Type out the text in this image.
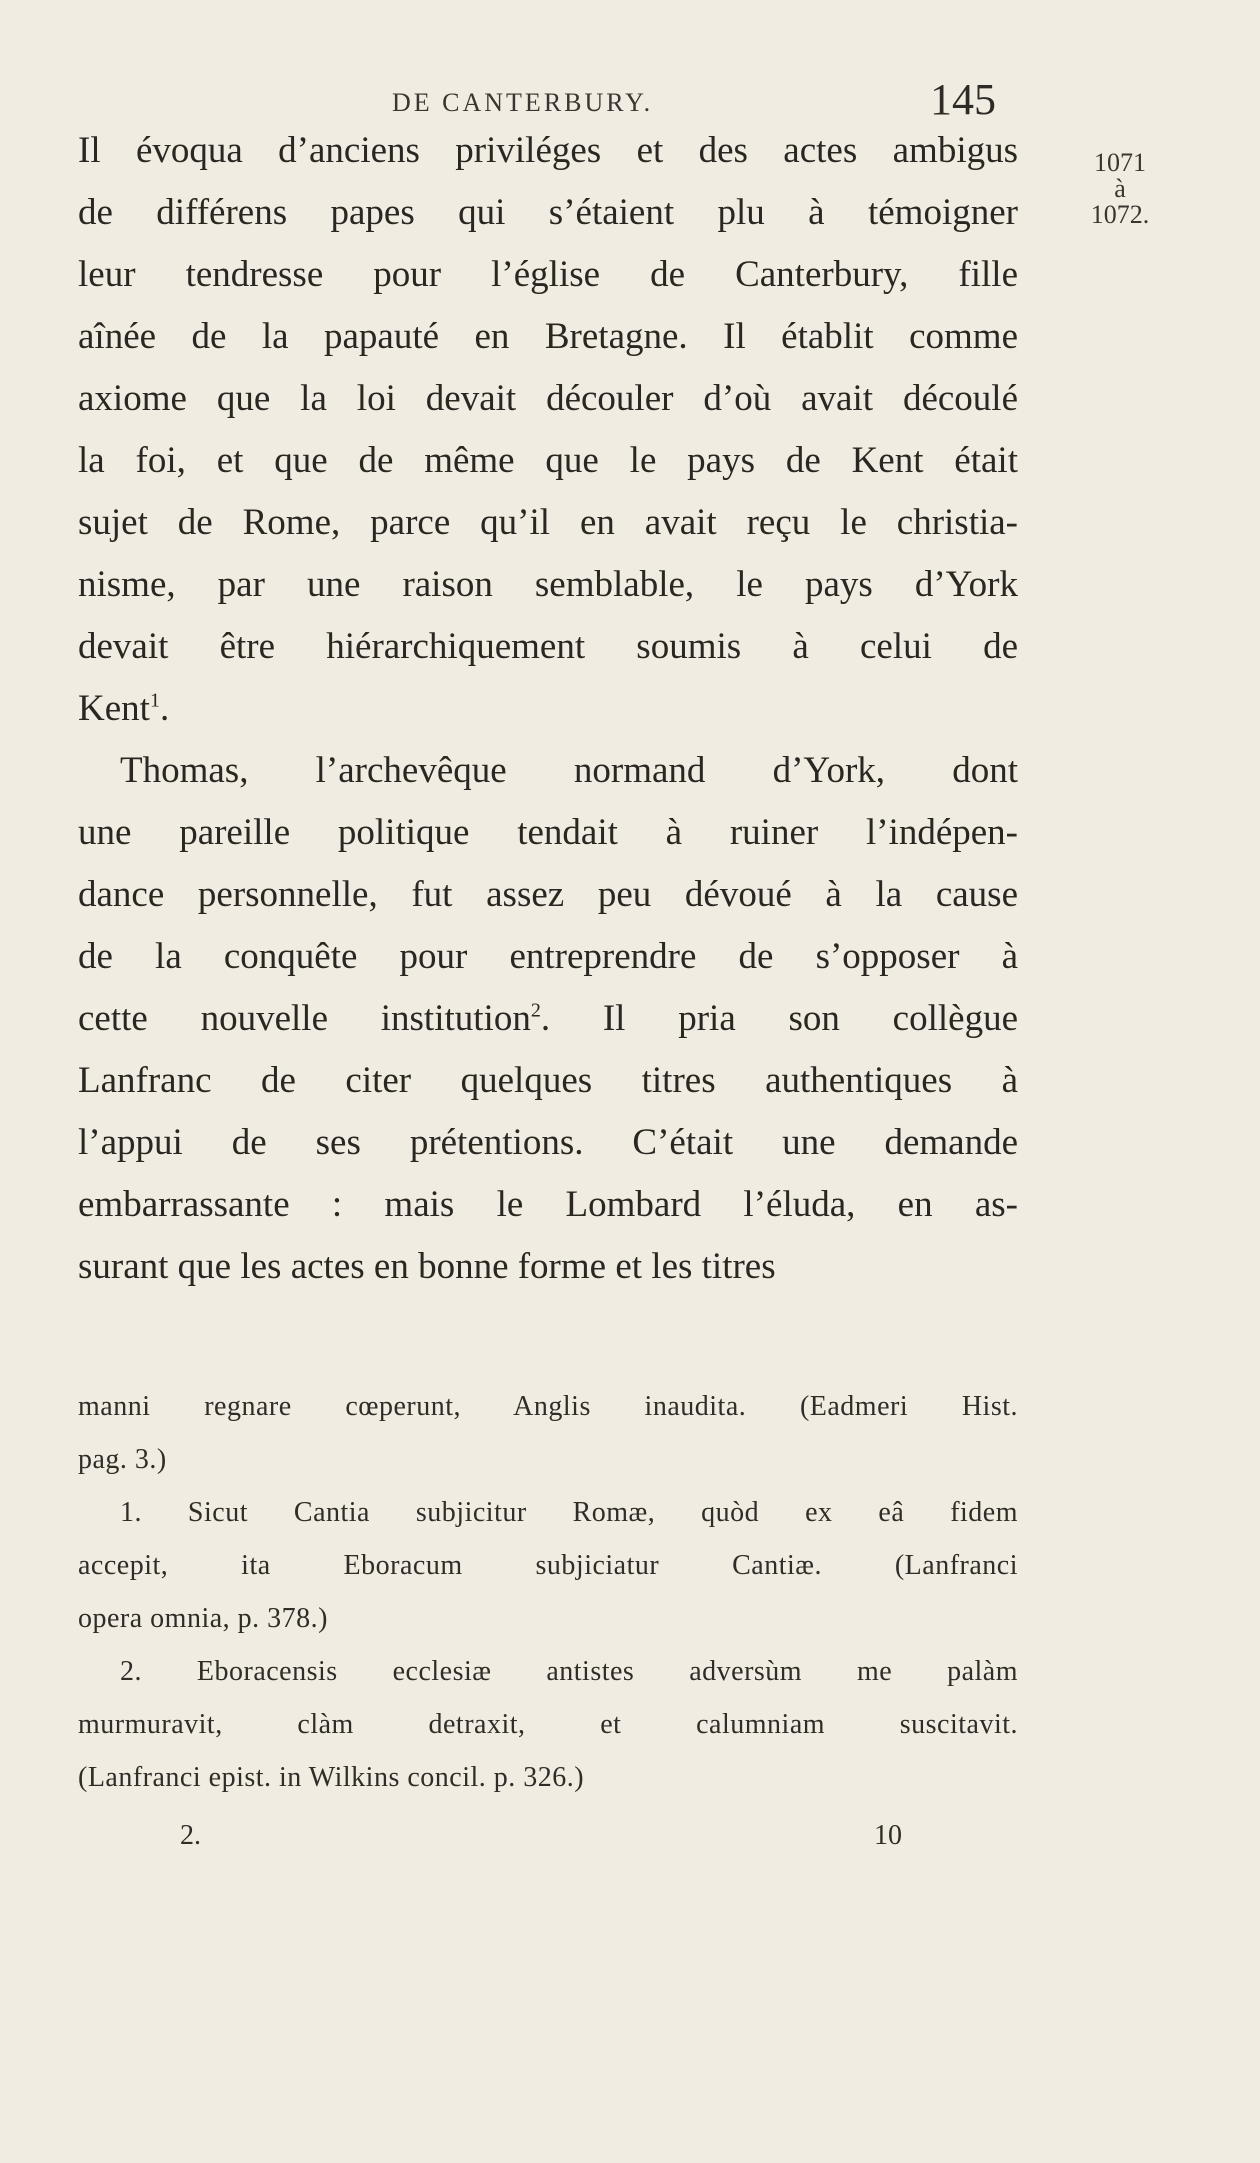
DE CANTERBURY.	145
1071
à
1072.
Il évoqua d’anciens priviléges et des actes ambigus
de différens papes qui s’étaient plu à témoigner
leur tendresse pour l’église de Canterbury, fille
aînée de la papauté en Bretagne. Il établit comme
axiome que la loi devait découler d’où avait découlé
la foi, et que de même que le pays de Kent était
sujet de Rome, parce qu’il en avait reçu le christia-
nisme, par une raison semblable, le pays d’York
devait être hiérarchiquement soumis à celui de
Kent$^1$.
Thomas, l’archevêque normand d’York, dont
une pareille politique tendait à ruiner l’indépen-
dance personnelle, fut assez peu dévoué à la cause
de la conquête pour entreprendre de s’opposer à
cette nouvelle institution$^2$. Il pria son collègue
Lanfranc de citer quelques titres authentiques à
l’appui de ses prétentions. C’était une demande
embarrassante : mais le Lombard l’éluda, en as-
surant que les actes en bonne forme et les titres
manni regnare cœperunt, Anglis inaudita. (Eadmeri Hist.
pag. 3.)
1. Sicut Cantia subjicitur Romæ, quòd ex eâ fidem
accepit, ita Eboracum subjiciatur Cantiæ. (Lanfranci
opera omnia, p. 378.)
2. Eboracensis ecclesiæ antistes adversùm me palàm
murmuravit, clàm detraxit, et calumniam suscitavit.
(Lanfranci epist. in Wilkins concil. p. 326.)
2.	10
